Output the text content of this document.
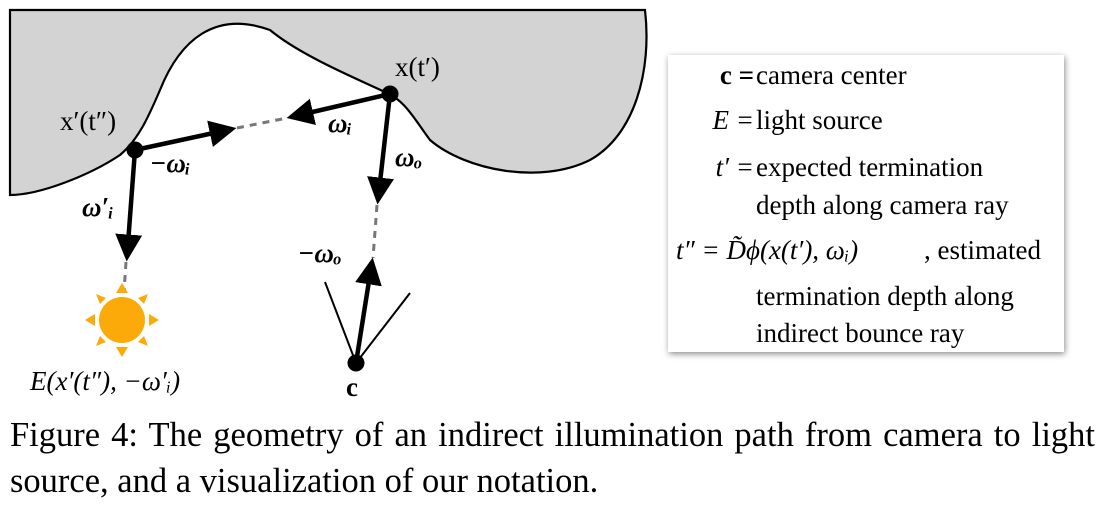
x(t′)
x′(t″)	ωᵢ
−ωᵢ	ωₒ
ω′ᵢ
−ωₒ
E(x′(t″), −ω′ᵢ)	c
c = camera center
E = light source
t′ = expected termination
depth along camera ray
t″ = D̃ϕ(x(t′), ωᵢ) , estimated
termination depth along
indirect bounce ray
Figure 4: The geometry of an indirect illumination path from camera to light source, and a visualization of our notation.
